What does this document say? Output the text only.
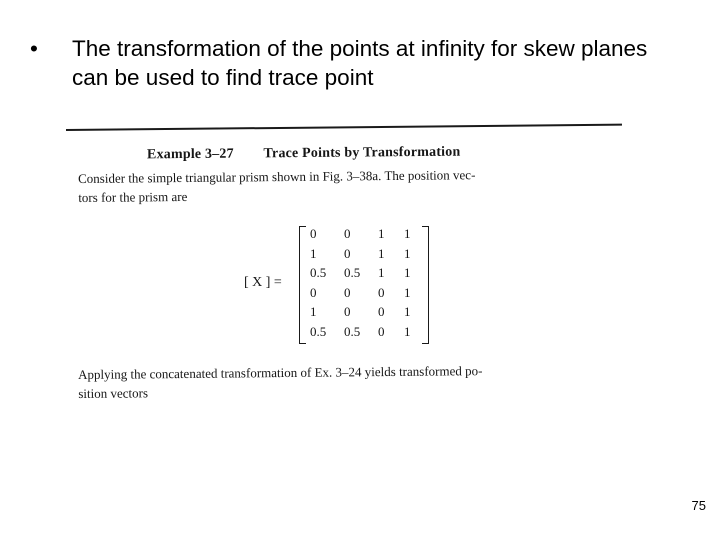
•	The transformation of the points at infinity for skew planes can be used to find trace point
Example 3–27 Trace Points by Transformation
Consider the simple triangular prism shown in Fig. 3–38a. The position vec-
tors for the prism are
[ X ] =
0	0	1	1
1	0	1	1
0.5	0.5	1	1
0	0	0	1
1	0	0	1
0.5	0.5	0	1
Applying the concatenated transformation of Ex. 3–24 yields transformed po-
sition vectors
75
